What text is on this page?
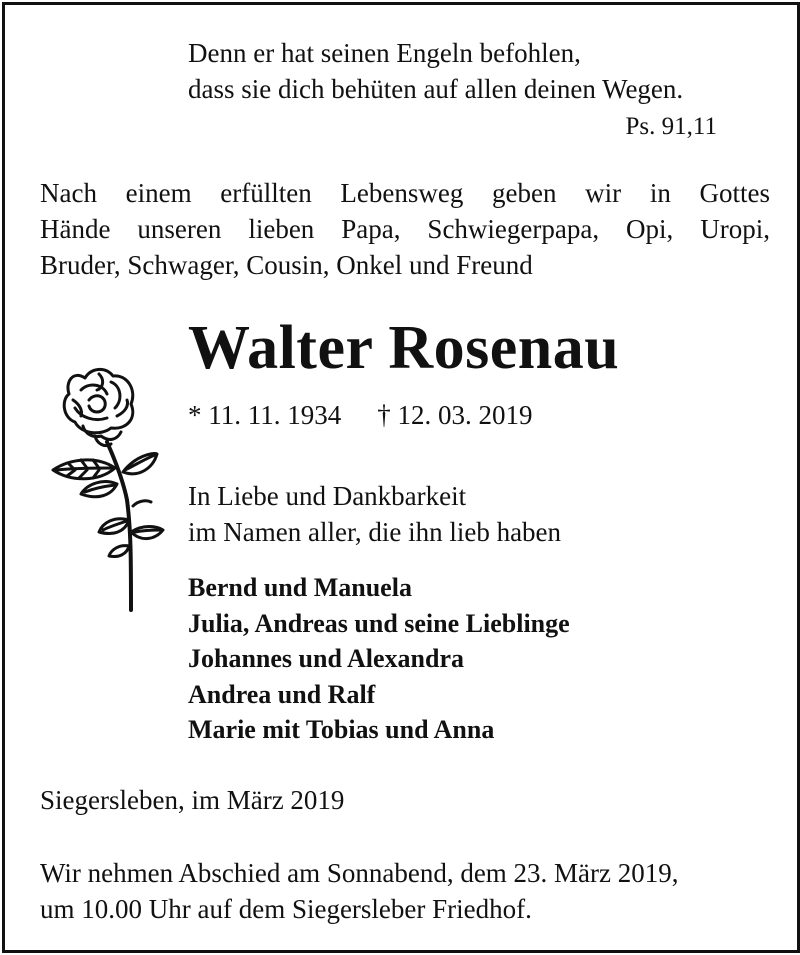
Denn er hat seinen Engeln befohlen,

dass sie dich behüten auf allen deinen Wegen.

Ps. 91,11

Nach einem erfüllten Lebensweg geben wir in Gottes
Hände unseren lieben Papa, Schwiegerpapa, Opi, Uropi,
Bruder, Schwager, Cousin, Onkel und Freund
Walter Rosenau

* 11. 11. 1934 † 12. 03. 2019

In Liebe und Dankbarkeit

im Namen aller, die ihn lieb haben

Bernd und Manuela
Julia, Andreas und seine Lieblinge
Johannes und Alexandra
Andrea und Ralf
Marie mit Tobias und Anna

Siegersleben, im März 2019

Wir nehmen Abschied am Sonnabend, dem 23. März 2019,

um 10.00 Uhr auf dem Siegersleber Friedhof.
